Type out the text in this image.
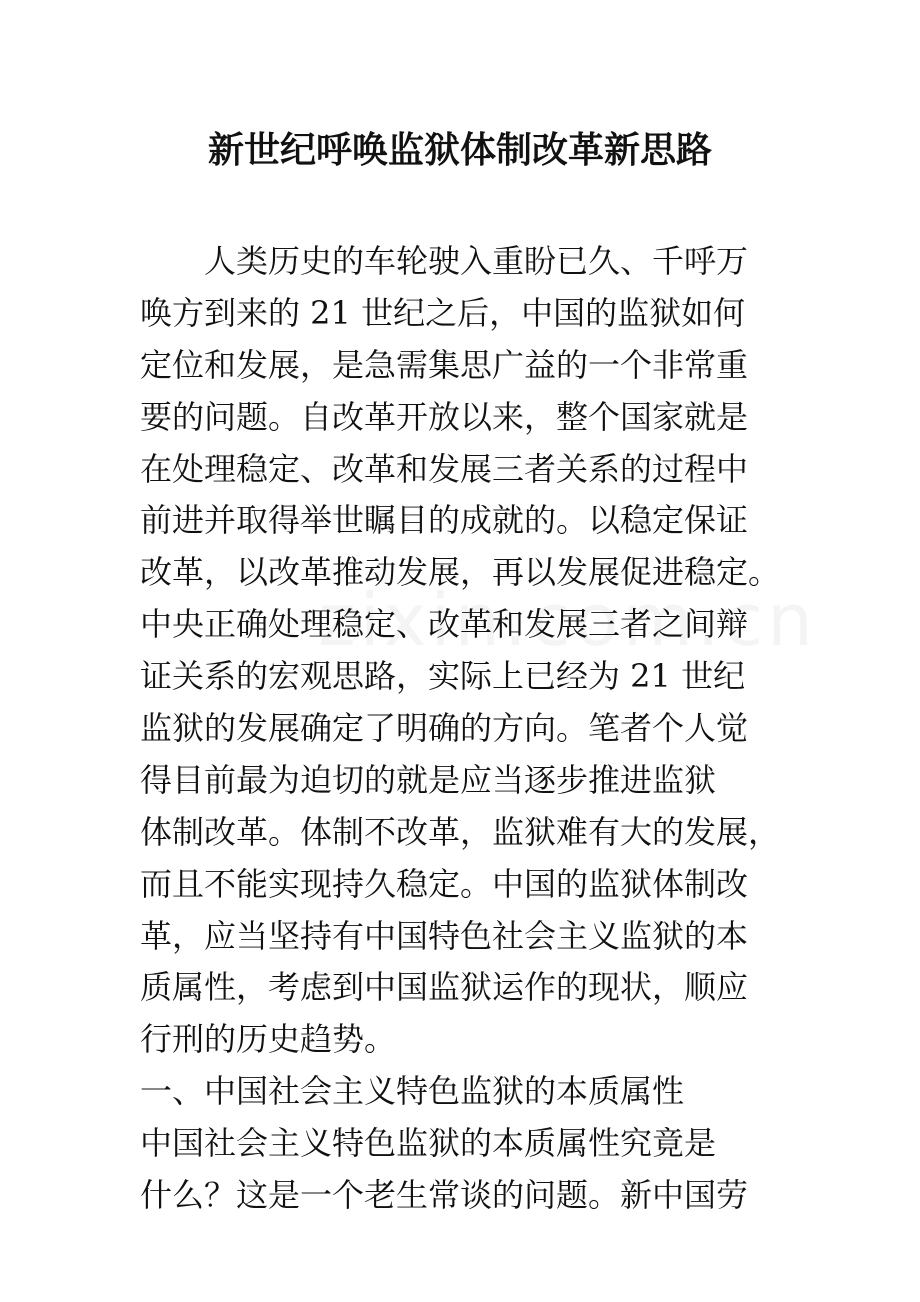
新世纪呼唤监狱体制改革新思路
人类历史的车轮驶入重盼已久、千呼万
唤方到来的 21 世纪之后，中国的监狱如何
定位和发展，是急需集思广益的一个非常重
要的问题。自改革开放以来，整个国家就是
在处理稳定、改革和发展三者关系的过程中
前进并取得举世瞩目的成就的。以稳定保证
改革，以改革推动发展，再以发展促进稳定。
中央正确处理稳定、改革和发展三者之间辩
证关系的宏观思路，实际上已经为 21 世纪
监狱的发展确定了明确的方向。笔者个人觉
得目前最为迫切的就是应当逐步推进监狱
体制改革。体制不改革，监狱难有大的发展，
而且不能实现持久稳定。中国的监狱体制改
革，应当坚持有中国特色社会主义监狱的本
质属性，考虑到中国监狱运作的现状，顺应
行刑的历史趋势。
一、中国社会主义特色监狱的本质属性
中国社会主义特色监狱的本质属性究竟是
什么？这是一个老生常谈的问题。新中国劳
